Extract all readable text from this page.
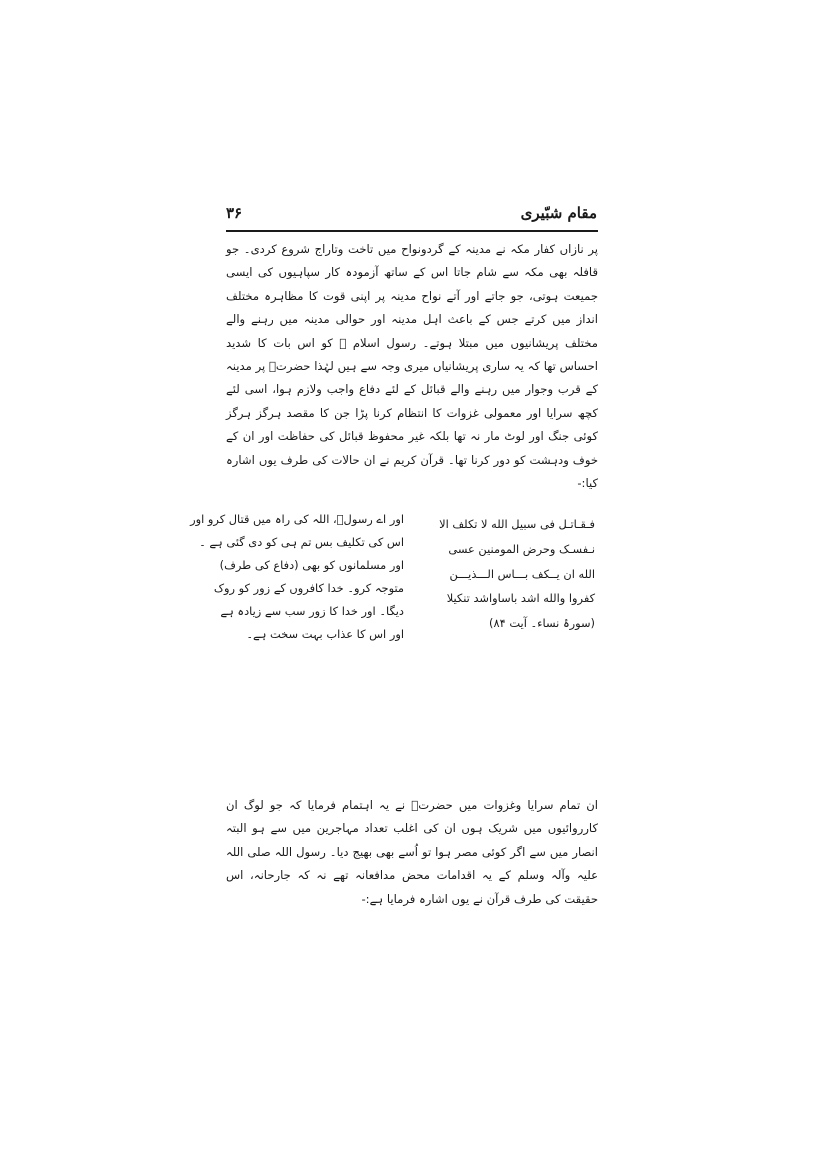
مقام شبّیری
۳۶

پر نازاں کفار مکہ نے مدینہ کے گردونواح میں تاخت وتاراج شروع کردی۔ جو قافلہ بھی مکہ سے شام جاتا اس کے ساتھ آزمودہ کار سپاہیوں کی ایسی جمیعت ہوتی، جو جاتے اور آتے نواح مدینہ پر اپنی قوت کا مظاہرہ مختلف انداز میں کرتے جس کے باعث اہل مدینہ اور حوالی مدینہ میں رہنے والے مختلف پریشانیوں میں مبتلا ہوتے۔ رسول اسلام ؐ کو اس بات کا شدید احساس تھا کہ یہ ساری پریشانیاں میری وجہ سے ہیں لہٰذا حضرتؐ پر مدینہ کے قرب وجوار میں رہنے والے قبائل کے لئے دفاع واجب ولازم ہوا، اسی لئے کچھ سرایا اور معمولی غزوات کا انتظام کرنا پڑا جن کا مقصد ہرگز ہرگز کوئی جنگ اور لوٹ مار نہ تھا بلکہ غیر محفوظ قبائل کی حفاظت اور ان کے خوف ودہشت کو دور کرنا تھا۔ قرآن کریم نے ان حالات کی طرف یوں اشارہ کیا:-

فـقـاتـل فی سبیل الله لا تکلف الا
نـفسـک وحرض المومنین عسی
الله ان یــکف بـــاس الـــذیـــن
کفروا والله اشد باساواشد تنکیلا
(سورۂ نساء۔ آیت ۸۴)
اور اے رسولؐ، اللہ کی راہ میں قتال کرو اور
اس کی تکلیف بس تم ہی کو دی گئی ہے ۔
اور مسلمانوں کو بھی (دفاع کی طرف)
متوجہ کرو۔ خدا کافروں کے زور کو روک
دیگا۔ اور خدا کا زور سب سے زیادہ ہے
اور اس کا عذاب بہت سخت ہے۔

ان تمام سرایا وغزوات میں حضرتؐ نے یہ اہتمام فرمایا کہ جو لوگ ان کارروائیوں میں شریک ہوں ان کی اغلب تعداد مہاجرین میں سے ہو البتہ انصار میں سے اگر کوئی مصر ہوا تو اُسے بھی بھیج دیا۔ رسول اللہ صلی اللہ علیہ وآلہ وسلم کے یہ اقدامات محض مدافعانہ تھے نہ کہ جارحانہ، اس حقیقت کی طرف قرآن نے یوں اشارہ فرمایا ہے:-
